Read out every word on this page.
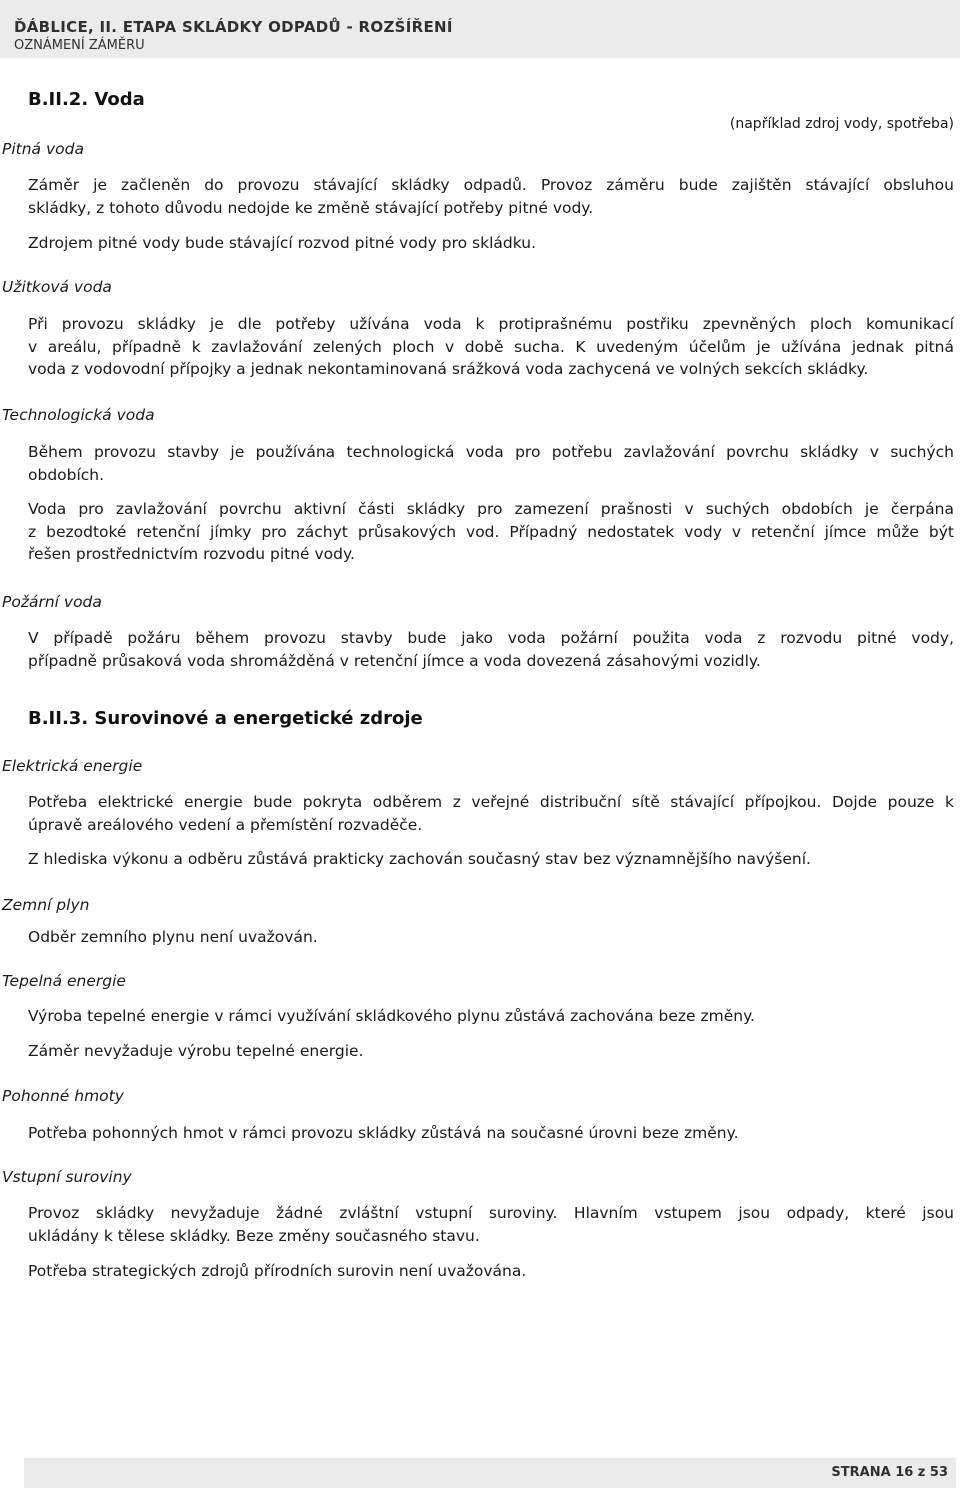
ĎÁBLICE, II. ETAPA SKLÁDKY ODPADŮ - ROZŠÍŘENÍ
OZNÁMENÍ ZÁMĚRU
B.II.2. Voda
(například zdroj vody, spotřeba)
Pitná voda
Záměr je začleněn do provozu stávající skládky odpadů. Provoz záměru bude zajištěn stávající obsluhou
skládky, z tohoto důvodu nedojde ke změně stávající potřeby pitné vody.
Zdrojem pitné vody bude stávající rozvod pitné vody pro skládku.
Užitková voda
Při provozu skládky je dle potřeby užívána voda k protiprašnému postřiku zpevněných ploch komunikací
v areálu, případně k zavlažování zelených ploch v době sucha. K uvedeným účelům je užívána jednak pitná
voda z vodovodní přípojky a jednak nekontaminovaná srážková voda zachycená ve volných sekcích skládky.
Technologická voda
Během provozu stavby je používána technologická voda pro potřebu zavlažování povrchu skládky v suchých
obdobích.
Voda pro zavlažování povrchu aktivní části skládky pro zamezení prašnosti v suchých obdobích je čerpána
z bezodtoké retenční jímky pro záchyt průsakových vod. Případný nedostatek vody v retenční jímce může být
řešen prostřednictvím rozvodu pitné vody.
Požární voda
V případě požáru během provozu stavby bude jako voda požární použita voda z rozvodu pitné vody,
případně průsaková voda shromážděná v retenční jímce a voda dovezená zásahovými vozidly.
B.II.3. Surovinové a energetické zdroje
Elektrická energie
Potřeba elektrické energie bude pokryta odběrem z veřejné distribuční sítě stávající přípojkou. Dojde pouze k
úpravě areálového vedení a přemístění rozvaděče.
Z hlediska výkonu a odběru zůstává prakticky zachován současný stav bez významnějšího navýšení.
Zemní plyn
Odběr zemního plynu není uvažován.
Tepelná energie
Výroba tepelné energie v rámci využívání skládkového plynu zůstává zachována beze změny.
Záměr nevyžaduje výrobu tepelné energie.
Pohonné hmoty
Potřeba pohonných hmot v rámci provozu skládky zůstává na současné úrovni beze změny.
Vstupní suroviny
Provoz skládky nevyžaduje žádné zvláštní vstupní suroviny. Hlavním vstupem jsou odpady, které jsou
ukládány k tělese skládky. Beze změny současného stavu.
Potřeba strategických zdrojů přírodních surovin není uvažována.
STRANA 16 z 53
